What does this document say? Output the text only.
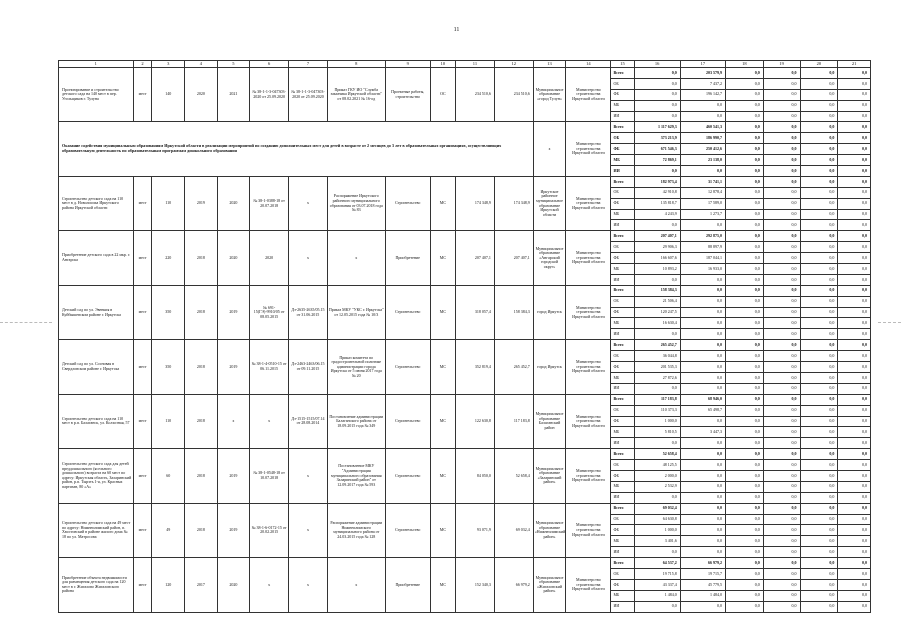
11
1	2	3	4	5	6	7	8	9	10	11	12	13	14	15	16	17	18	19	20	21
Проектирование и строительство детского сада на 140 мест в пер. Угольщиков г. Тулуна	мест	140	2020	2021	№ 38-1-1-3-047303-2020 от 25.09.2020	№ 38-1-1-3-047303-2020 от 25.09.2020	Приказ ГКУ ИО "Служба заказчика Иркутской области" от 08.02.2021 № 16-од	Проектные работы, строительство	ОС	234 510,6	234 510,6	Муниципальное образование «город Тулун»	Министерство строительства Иркутской области	Всего	0,0	203 579,9	0,0	0,0	0,0	0,0
														ОБ	0,0	7 437,2	0,0	0,0	0,0	0,0
														ФБ	0,0	196 142,7	0,0	0,0	0,0	0,0
														МБ	0,0	0,0	0,0	0,0	0,0	0,0
														ИИ	0,0	0,0	0,0	0,0	0,0	0,0
Оказание содействия муниципальным образованиям Иркутской области в реализации мероприятий по созданию дополнительных мест для детей в возрасте от 2 месяцев до 3 лет в образовательных организациях, осуществляющих образовательную деятельность по образовательным программам дошкольного образования												х	Министерство строительства Иркутской области	Всего	1 117 629,3	460 541,3	0,0	0,0	0,0	0,0
														ОБ	373 213,9	186 990,7	0,0	0,0	0,0	0,0
														ФБ	671 546,3	250 412,6	0,0	0,0	0,0	0,0
														МБ	72 869,1	23 138,0	0,0	0,0	0,0	0,0
														ИИ	0,0	0,0	0,0	0,0	0,0	0,0
Строительство детского сада на 110 мест в д. Новолисиха Иркутского района Иркутской области	мест	110	2019	2020	№ 38-1-0388-18 от 20.07.2018	х	Распоряжение Иркутского районного муниципального образования от 03.07.2018 года № 83	Строительство	МС	174 348,9	174 348,9	Иркутское районное муниципальное образование Иркутской области	Министерство строительства Иркутской области	Всего	182 973,4	31 741,1	0,0	0,0	0,0	0,0
														ОБ	42 910,8	12 878,4	0,0	0,0	0,0	0,0
														ФБ	135 818,7	17 589,0	0,0	0,0	0,0	0,0
														МБ	4 243,9	1 273,7	0,0	0,0	0,0	0,0
														ИИ	0,0	0,0	0,0	0,0	0,0	0,0
Приобретение детского сада в 22 мкр. г. Ангарска	мест	220	2018	2020	2020	х	х	Приобретение	МС	207 407,1	207 407,1	Муниципальное образование «Ангарский городской округ»	Министерство строительства Иркутской области	Всего	207 407,1	292 875,0	0,0	0,0	0,0	0,0
														ОБ	29 906,3	88 897,9	0,0	0,0	0,0	0,0
														ФБ	166 607,6	187 044,1	0,0	0,0	0,0	0,0
														МБ	10 893,2	16 933,0	0,0	0,0	0,0	0,0
														ИИ	0,0	0,0	0,0	0,0	0,0	0,0
Детский сад по ул. Эвенкия в Куйбышевском районе г. Иркутска	мест	350	2018	2019	№ 691-15(ГЭ)-9910/05 от 08.05.2015	Дз-2635-2635/05.15 от 31.06.2015	Приказ МКУ "УКС г. Иркутска" от 12.05.2015 года № 10/3	Строительство	МС	318 057,4	158 384,3	город Иркутск	Министерство строительства Иркутской области	Всего	158 384,3	0,0	0,0	0,0	0,0	0,0
														ОБ	21 506,4	0,0	0,0	0,0	0,0	0,0
														ФБ	120 247,5	0,0	0,0	0,0	0,0	0,0
														МБ	16 630,4	0,0	0,0	0,0	0,0	0,0
														ИИ	0,0	0,0	0,0	0,0	0,0	0,0
Детский сад по ул. Сосновая в Свердловском районе г. Иркутска	мест	350	2018	2019	№ 38-1-4-0510-15 от 06.11.2015	Дз-2463-2463/06.15 от 09.11.2015	Приказ комитета по градостроительной политике администрации города Иркутска от 5 июня 2017 года № 20	Строительство	МС	352 819,4	265 452,7	город Иркутск	Министерство строительства Иркутской области	Всего	265 452,7	0,0	0,0	0,0	0,0	0,0
														ОБ	36 044,8	0,0	0,0	0,0	0,0	0,0
														ФБ	201 535,3	0,0	0,0	0,0	0,0	0,0
														МБ	27 872,6	0,0	0,0	0,0	0,0	0,0
														ИИ	0,0	0,0	0,0	0,0	0,0	0,0
Строительство детского сада на 110 мест в р.п. Балаганск, ул. Колхозная, 57	мест	110	2018	х	х	Дз-1515-1515/07.14 от 28.08.2014	Постановление администрации Балаганского района от 18.09.2015 года № 349	Строительство	МС	122 630,8	117 183,8	Муниципальное образование Балаганский район	Министерство строительства Иркутской области	Всего	117 183,8	68 946,0	0,0	0,0	0,0	0,0
														ОБ	110 373,3	65 498,7	0,0	0,0	0,0	0,0
														ФБ	1 000,0	0,0	0,0	0,0	0,0	0,0
														МБ	5 810,5	3 447,3	0,0	0,0	0,0	0,0
														ИИ	0,0	0,0	0,0	0,0	0,0	0,0
Строительство детского сада для детей преддошкольного (ясельного дошкольного) возраста на 60 мест по адресу: Иркутская область, Заларинский район, р.п. Тырэть 1-я, ул. Красных партизан, 80 «А»	мест	60	2018	2019	№ 38-1-0548-18 от 10.07.2018	х	Постановление МКУ "Администрация муниципального образования Заларинский район" от 12.09.2017 года № 593	Строительство	МС	84 050,0	52 658,4	Муниципальное образование «Заларинский район»	Министерство строительства Иркутской области	Всего	52 658,4	0,0	0,0	0,0	0,0	0,0
														ОБ	48 125,5	0,0	0,0	0,0	0,0	0,0
														ФБ	2 000,0	0,0	0,0	0,0	0,0	0,0
														МБ	2 532,9	0,0	0,0	0,0	0,0	0,0
														ИИ	0,0	0,0	0,0	0,0	0,0	0,0
Строительство детского сада на 49 мест по адресу: Нижнеилимский район, п. Хвостовский в районе жилого дома № 18 по ул. Матросова	мест	49	2018	2019	№ 38-1-6-0172-15 от 20.02.2015	х	Распоряжение администрации Нижнеилимского муниципального района от 24.03.2015 года № 128	Строительство	МС	93 071,9	69 032,4	Муниципальное образование «Нижнеилимский район»	Министерство строительства Иркутской области	Всего	69 032,4	0,0	0,0	0,0	0,0	0,0
														ОБ	64 630,8	0,0	0,0	0,0	0,0	0,0
														ФБ	1 000,0	0,0	0,0	0,0	0,0	0,0
														МБ	3 401,6	0,0	0,0	0,0	0,0	0,0
														ИИ	0,0	0,0	0,0	0,0	0,0	0,0
Приобретение объекта недвижимости для размещения детского сада на 120 мест в г. Жигалово Жигаловского района	мест	120	2017	2020	х	х	х	Приобретение	МС	152 340,3	66 979,2	Муниципальное образование «Жигаловский район»	Министерство строительства Иркутской области	Всего	64 537,2	66 979,2	0,0	0,0	0,0	0,0
														ОБ	19 715,8	19 715,7	0,0	0,0	0,0	0,0
														ФБ	43 337,4	45 779,5	0,0	0,0	0,0	0,0
														МБ	1 484,0	1 484,0	0,0	0,0	0,0	0,0
														ИИ	0,0	0,0	0,0	0,0	0,0	0,0
